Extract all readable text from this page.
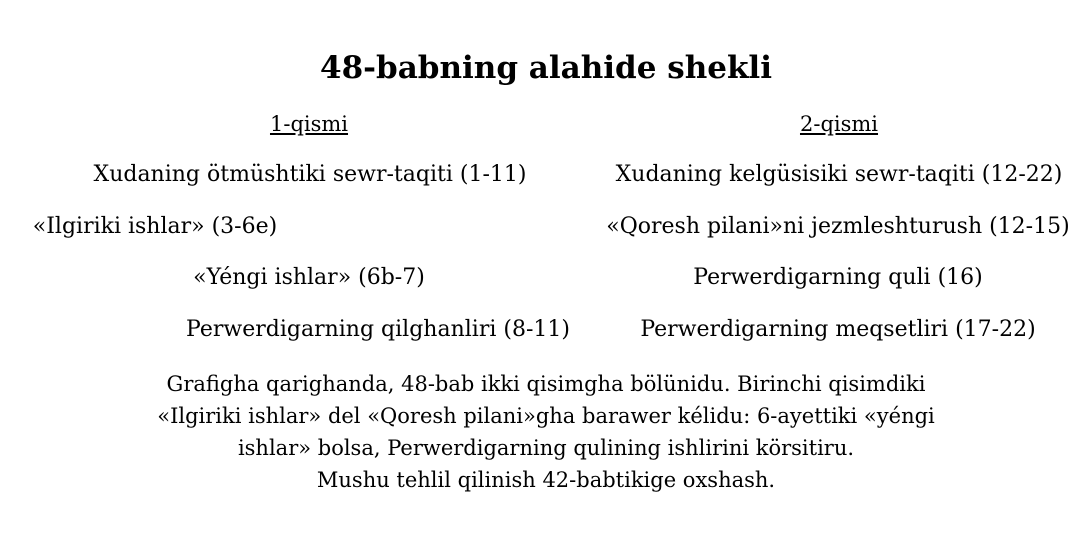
48-babning alahide shekli
1-qismi
Xudaning ötmüshtiki sewr-taqiti (1-11)
«Ilgiriki ishlar» (3-6e)
«Yéngi ishlar» (6b-7)
Perwerdigarning qilghanliri (8-11)
2-qismi
Xudaning kelgüsisiki sewr-taqiti (12-22)
«Qoresh pilani»ni jezmleshturush (12-15)
Perwerdigarning quli (16)
Perwerdigarning meqsetliri (17-22)
Grafigha qarighanda, 48-bab ikki qisimgha bölünidu. Birinchi qisimdiki
«Ilgiriki ishlar» del «Qoresh pilani»gha barawer kélidu: 6-ayettiki «yéngi
ishlar» bolsa, Perwerdigarning qulining ishlirini körsitiru.
Mushu tehlil qilinish 42-babtikige oxshash.
